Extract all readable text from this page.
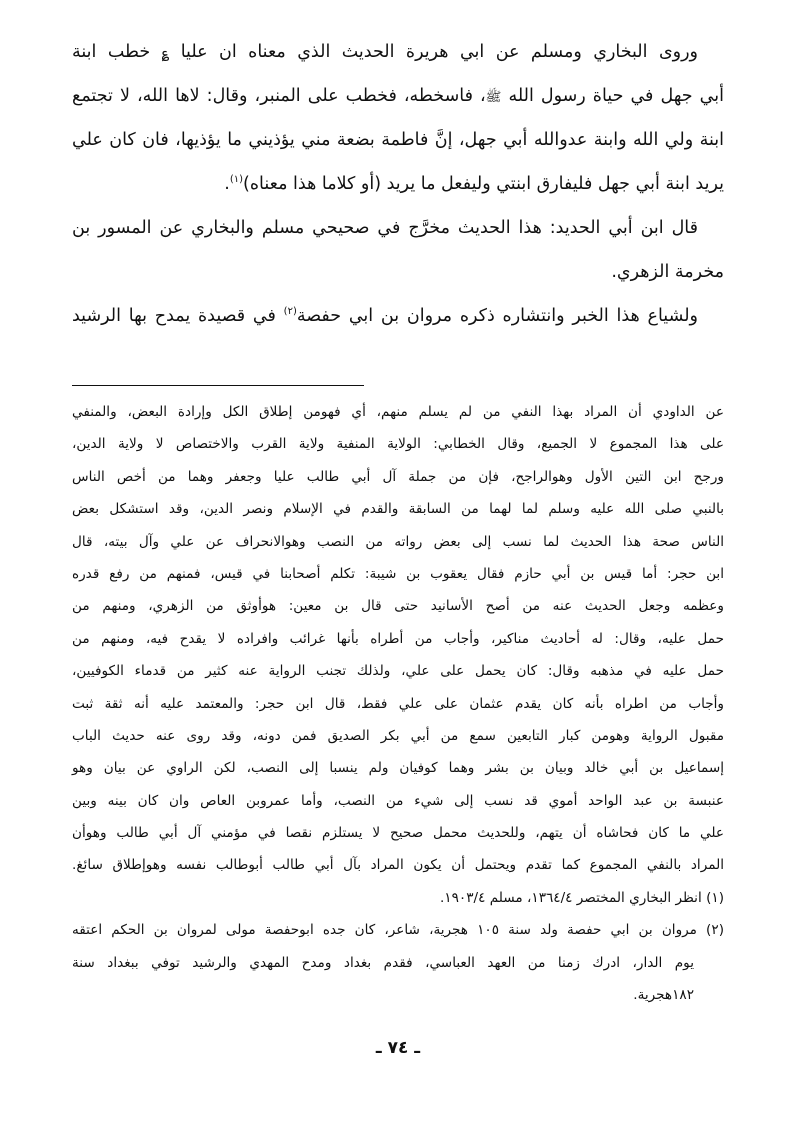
وروى البخاري ومسلم عن ابي هريرة الحديث الذي معناه ان عليا ؏ خطب ابنة
أبي جهل في حياة رسول الله ﷺ، فاسخطه، فخطب على المنبر، وقال: لاها الله، لا تجتمع
ابنة ولي الله وابنة عدوالله أبي جهل، إنَّ فاطمة بضعة مني يؤذيني ما يؤذيها، فان كان علي
يريد ابنة أبي جهل فليفارق ابنتي وليفعل ما يريد (أو كلاما هذا معناه)$^{(١)}$.
قال ابن أبي الحديد: هذا الحديث مخرَّج في صحيحي مسلم والبخاري عن المسور بن
مخرمة الزهري.
ولشياع هذا الخبر وانتشاره ذكره مروان بن ابي حفصة$^{(٢)}$ في قصيدة يمدح بها الرشيد
عن الداودي أن المراد بهذا النفي من لم يسلم منهم، أي فهومن إطلاق الكل وإرادة البعض، والمنفي
على هذا المجموع لا الجميع، وقال الخطابي: الولاية المنفية ولاية القرب والاختصاص لا ولاية الدين،
ورجح ابن التين الأول وهوالراجح، فإن من جملة آل أبي طالب عليا وجعفر وهما من أخص الناس
بالنبي صلى الله عليه وسلم لما لهما من السابقة والقدم في الإسلام ونصر الدين، وقد استشكل بعض
الناس صحة هذا الحديث لما نسب إلى بعض رواته من النصب وهوالانحراف عن علي وآل بيته، قال
ابن حجر: أما قيس بن أبي حازم فقال يعقوب بن شيبة: تكلم أصحابنا في قيس، فمنهم من رفع قدره
وعظمه وجعل الحديث عنه من أصح الأسانيد حتى قال بن معين: هوأوثق من الزهري، ومنهم من
حمل عليه، وقال: له أحاديث مناكير، وأجاب من أطراه بأنها غرائب وافراده لا يقدح فيه، ومنهم من
حمل عليه في مذهبه وقال: كان يحمل على علي، ولذلك تجنب الرواية عنه كثير من قدماء الكوفيين،
وأجاب من اطراه بأنه كان يقدم عثمان على علي فقط، قال ابن حجر: والمعتمد عليه أنه ثقة ثبت
مقبول الرواية وهومن كبار التابعين سمع من أبي بكر الصديق فمن دونه، وقد روى عنه حديث الباب
إسماعيل بن أبي خالد وبيان بن بشر وهما كوفيان ولم ينسبا إلى النصب، لكن الراوي عن بيان وهو
عنبسة بن عبد الواحد أموي قد نسب إلى شيء من النصب، وأما عمروبن العاص وان كان بينه وبين
علي ما كان فحاشاه أن يتهم، وللحديث محمل صحيح لا يستلزم نقصا في مؤمني آل أبي طالب وهوأن
المراد بالنفي المجموع كما تقدم ويحتمل أن يكون المراد بآل أبي طالب أبوطالب نفسه وهوإطلاق سائغ.
(١) انظر البخاري المختصر ١٣٦٤/٤، مسلم ١٩٠٣/٤.
(٢) مروان بن ابي حفصة ولد سنة ١٠٥ هجرية، شاعر، كان جده ابوحفصة مولى لمروان بن الحكم اعتقه
يوم الدار، ادرك زمنا من العهد العباسي، فقدم بغداد ومدح المهدي والرشيد توفي ببغداد سنة
١٨٢هجرية.
ـ ٧٤ ـ
